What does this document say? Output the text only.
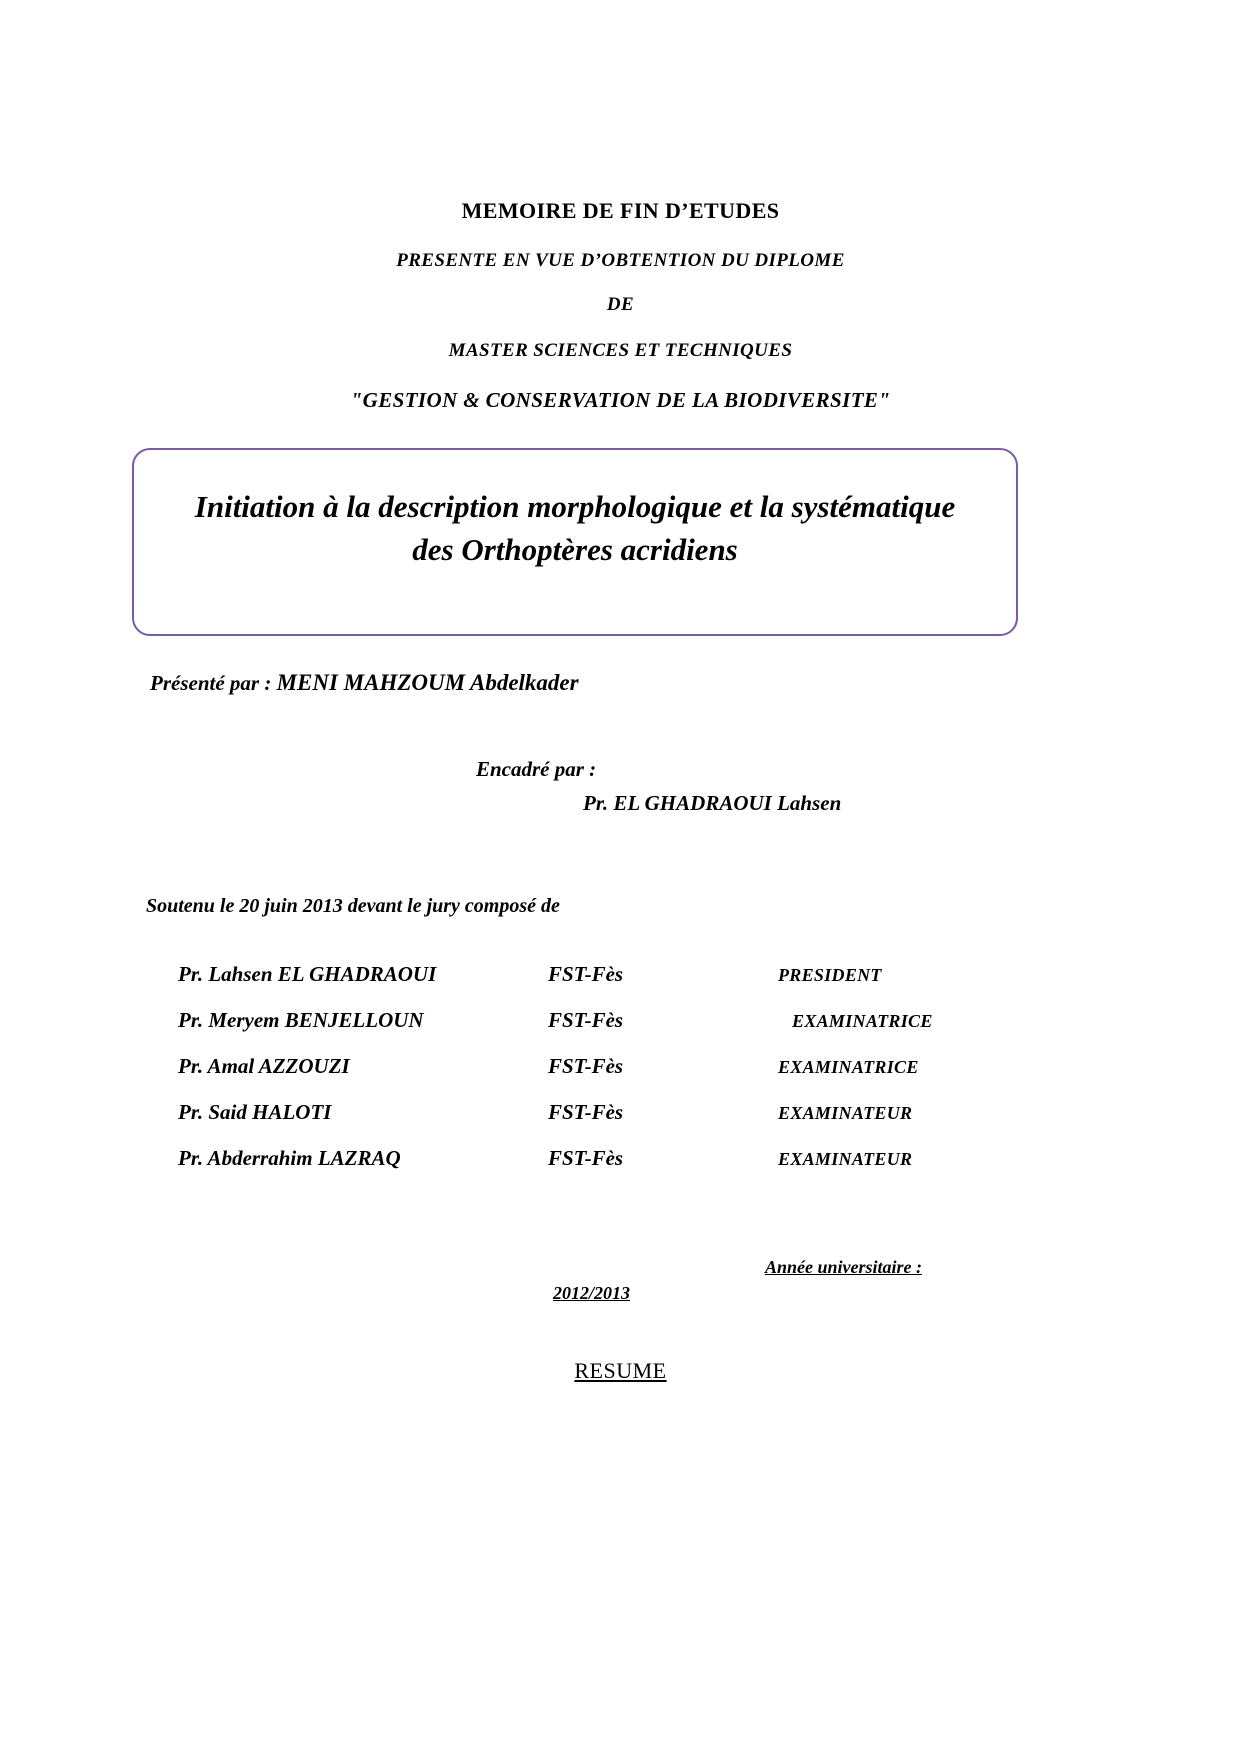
MEMOIRE DE FIN D’ETUDES
PRESENTE EN VUE D’OBTENTION DU DIPLOME
DE
MASTER SCIENCES ET TECHNIQUES
"GESTION & CONSERVATION DE LA BIODIVERSITE"
Initiation à la description morphologique et la systématique des Orthoptères acridiens
Présenté par : MENI MAHZOUM Abdelkader
Encadré par :
Pr. EL GHADRAOUI Lahsen
Soutenu le 20 juin 2013 devant le jury composé de
Pr. Lahsen EL GHADRAOUI	FST-Fès	PRESIDENT
Pr. Meryem BENJELLOUN	FST-Fès	EXAMINATRICE
Pr. Amal AZZOUZI	FST-Fès	EXAMINATRICE
Pr. Said HALOTI	FST-Fès	EXAMINATEUR
Pr. Abderrahim LAZRAQ	FST-Fès	EXAMINATEUR
Année universitaire :
2012/2013
RESUME
